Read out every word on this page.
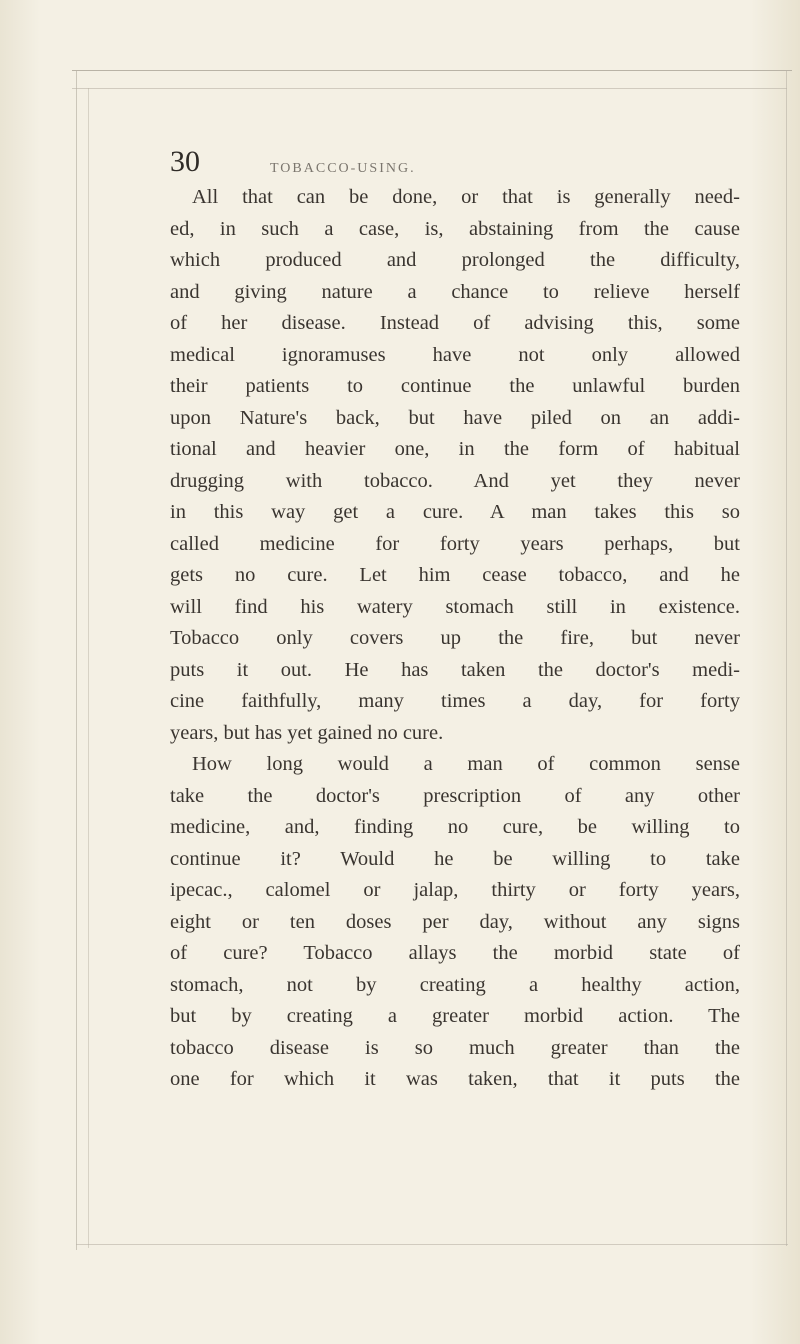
30	TOBACCO-USING.
All that can be done, or that is generally need-
ed, in such a case, is, abstaining from the cause
which produced and prolonged the difficulty,
and giving nature a chance to relieve herself
of her disease. Instead of advising this, some
medical ignoramuses have not only allowed
their patients to continue the unlawful burden
upon Nature's back, but have piled on an addi-
tional and heavier one, in the form of habitual
drugging with tobacco. And yet they never
in this way get a cure. A man takes this so
called medicine for forty years perhaps, but
gets no cure. Let him cease tobacco, and he
will find his watery stomach still in existence.
Tobacco only covers up the fire, but never
puts it out. He has taken the doctor's medi-
cine faithfully, many times a day, for forty
years, but has yet gained no cure.
How long would a man of common sense
take the doctor's prescription of any other
medicine, and, finding no cure, be willing to
continue it? Would he be willing to take
ipecac., calomel or jalap, thirty or forty years,
eight or ten doses per day, without any signs
of cure? Tobacco allays the morbid state of
stomach, not by creating a healthy action,
but by creating a greater morbid action. The
tobacco disease is so much greater than the
one for which it was taken, that it puts the
